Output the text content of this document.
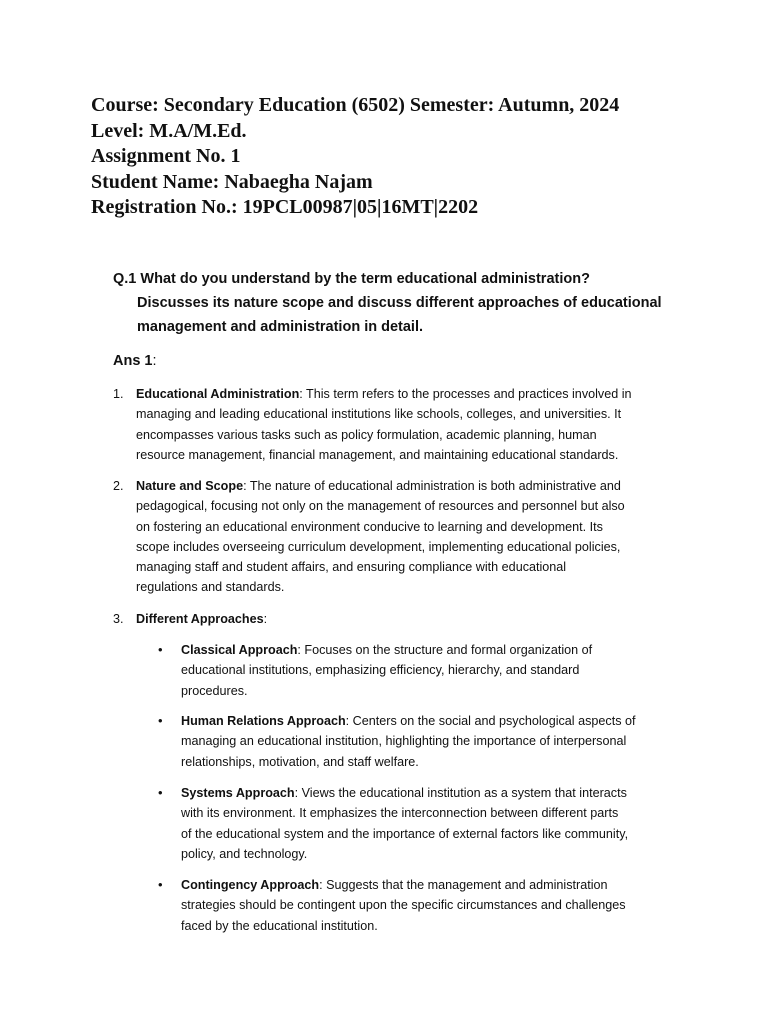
Course: Secondary Education (6502) Semester: Autumn, 2024
Level: M.A/M.Ed.
Assignment No. 1
Student Name: Nabaegha Najam
Registration No.: 19PCL00987|05|16MT|2202
Q.1 What do you understand by the term educational administration?
Discusses its nature scope and discuss different approaches of educational
management and administration in detail.
Ans 1:
1. Educational Administration: This term refers to the processes and practices involved in
managing and leading educational institutions like schools, colleges, and universities. It
encompasses various tasks such as policy formulation, academic planning, human
resource management, financial management, and maintaining educational standards.
2. Nature and Scope: The nature of educational administration is both administrative and
pedagogical, focusing not only on the management of resources and personnel but also
on fostering an educational environment conducive to learning and development. Its
scope includes overseeing curriculum development, implementing educational policies,
managing staff and student affairs, and ensuring compliance with educational
regulations and standards.
3. Different Approaches:
• Classical Approach: Focuses on the structure and formal organization of
educational institutions, emphasizing efficiency, hierarchy, and standard
procedures.
• Human Relations Approach: Centers on the social and psychological aspects of
managing an educational institution, highlighting the importance of interpersonal
relationships, motivation, and staff welfare.
• Systems Approach: Views the educational institution as a system that interacts
with its environment. It emphasizes the interconnection between different parts
of the educational system and the importance of external factors like community,
policy, and technology.
• Contingency Approach: Suggests that the management and administration
strategies should be contingent upon the specific circumstances and challenges
faced by the educational institution.
